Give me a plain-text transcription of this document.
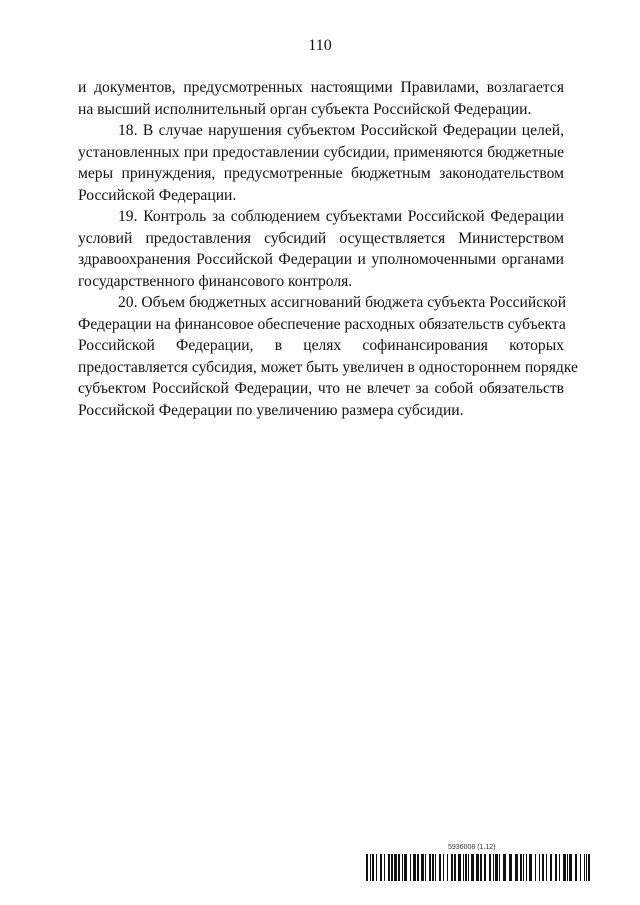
110
и документов, предусмотренных настоящими Правилами, возлагается
на высший исполнительный орган субъекта Российской Федерации.
18. В случае нарушения субъектом Российской Федерации целей,
установленных при предоставлении субсидии, применяются бюджетные
меры принуждения, предусмотренные бюджетным законодательством
Российской Федерации.
19. Контроль за соблюдением субъектами Российской Федерации
условий предоставления субсидий осуществляется Министерством
здравоохранения Российской Федерации и уполномоченными органами
государственного финансового контроля.
20. Объем бюджетных ассигнований бюджета субъекта Российской
Федерации на финансовое обеспечение расходных обязательств субъекта
Российской Федерации, в целях софинансирования которых
предоставляется субсидия, может быть увеличен в одностороннем порядке
субъектом Российской Федерации, что не влечет за собой обязательств
Российской Федерации по увеличению размера субсидии.
5936008 (1.12)
